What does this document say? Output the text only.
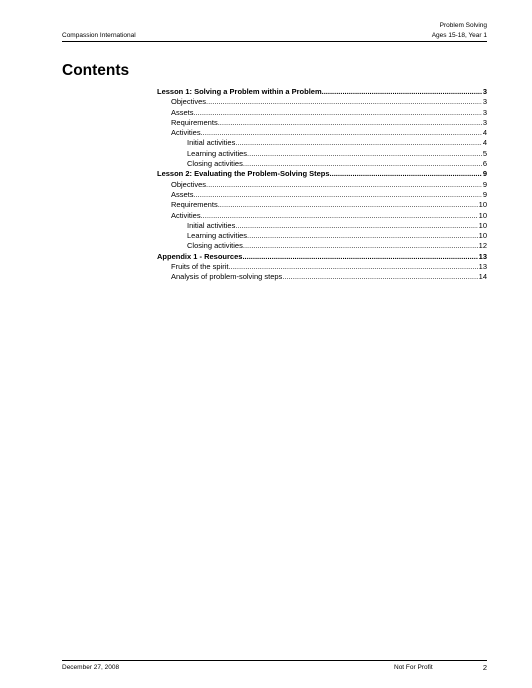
Compassion International
Problem Solving
Ages 15-18, Year 1
Contents
Lesson 1: Solving a Problem within a Problem .....	3
Objectives .....	3
Assets .....	3
Requirements .....	3
Activities .....	4
Initial activities .....	4
Learning activities .....	5
Closing activities .....	6
Lesson 2: Evaluating the Problem-Solving Steps .....	9
Objectives .....	9
Assets .....	9
Requirements .....	10
Activities .....	10
Initial activities .....	10
Learning activities .....	10
Closing activities .....	12
Appendix 1 - Resources .....	13
Fruits of the spirit .....	13
Analysis of problem-solving steps .....	14
December 27, 2008	Not For Profit	2
